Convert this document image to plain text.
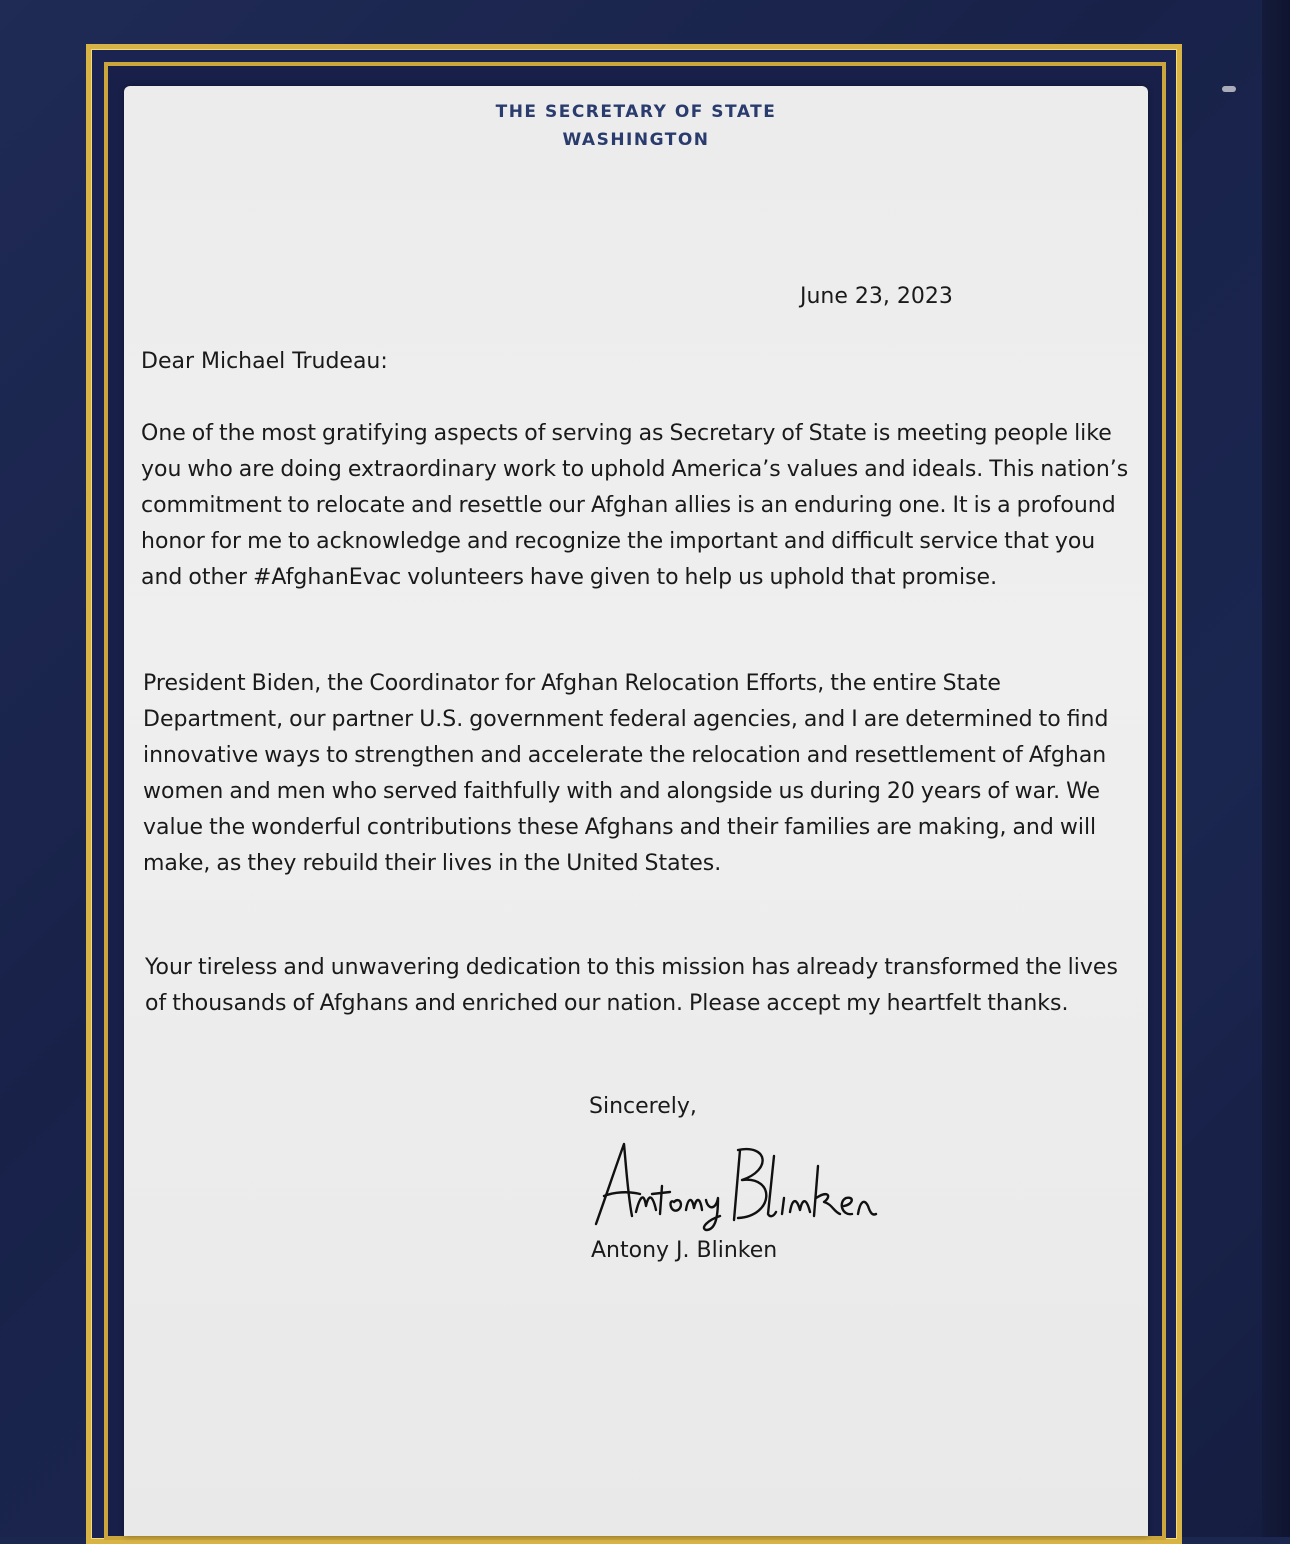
THE SECRETARY OF STATE
WASHINGTON
June 23, 2023
Dear Michael Trudeau:

One of the most gratifying aspects of serving as Secretary of State is meeting people like you who are doing extraordinary work to uphold America’s values and ideals. This nation’s commitment to relocate and resettle our Afghan allies is an enduring one. It is a profound honor for me to acknowledge and recognize the important and difficult service that you and other #AfghanEvac volunteers have given to help us uphold that promise.

President Biden, the Coordinator for Afghan Relocation Efforts, the entire State Department, our partner U.S. government federal agencies, and I are determined to find innovative ways to strengthen and accelerate the relocation and resettlement of Afghan women and men who served faithfully with and alongside us during 20 years of war. We value the wonderful contributions these Afghans and their families are making, and will make, as they rebuild their lives in the United States.

Your tireless and unwavering dedication to this mission has already transformed the lives of thousands of Afghans and enriched our nation. Please accept my heartfelt thanks.

Sincerely,
Antony J. Blinken
